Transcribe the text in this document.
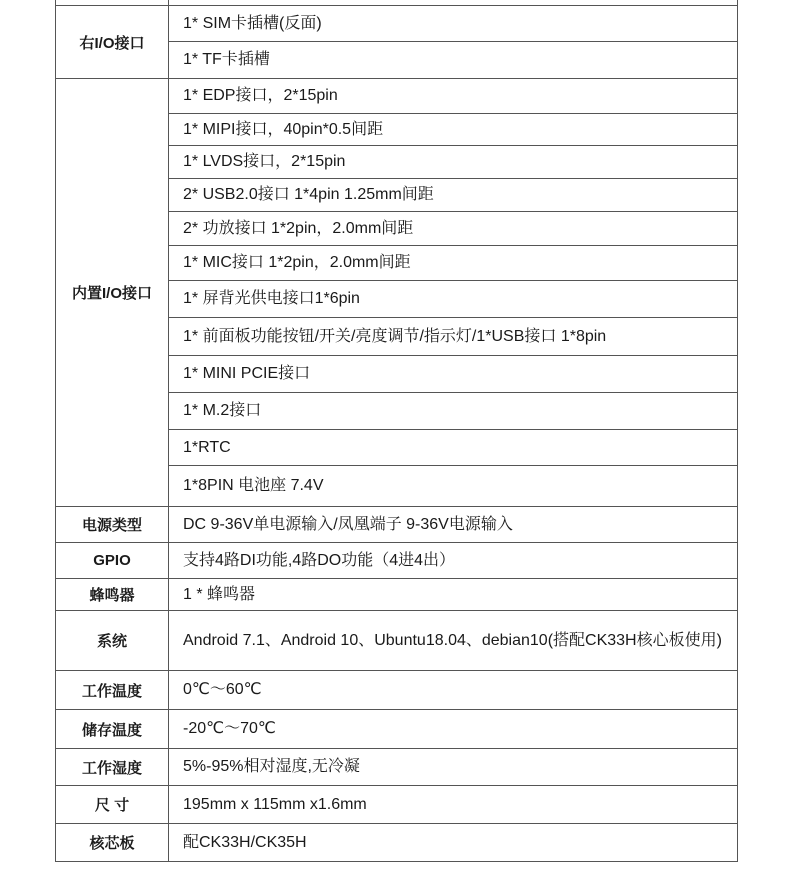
右I/O接口	1* SIM卡插槽(反面)
	1* TF卡插槽
内置I/O接口	1* EDP接口，2*15pin
	1* MIPI接口，40pin*0.5间距
	1* LVDS接口，2*15pin
	2* USB2.0接口 1*4pin 1.25mm间距
	2* 功放接口 1*2pin，2.0mm间距
	1* MIC接口 1*2pin，2.0mm间距
	1* 屏背光供电接口1*6pin
	1* 前面板功能按钮/开关/亮度调节/指示灯/1*USB接口 1*8pin
	1* MINI PCIE接口
	1* M.2接口
	1*RTC
	1*8PIN 电池座 7.4V
电源类型	DC 9-36V单电源输入/凤凰端子 9-36V电源输入
GPIO	支持4路DI功能,4路DO功能（4进4出）
蜂鸣器	1 * 蜂鸣器
系统	Android 7.1、Android 10、Ubuntu18.04、debian10(搭配CK33H核心板使用)
工作温度	0℃～60℃
储存温度	-20℃～70℃
工作湿度	5%-95%相对湿度,无冷凝
尺 寸	195mm x 115mm x1.6mm
核芯板	配CK33H/CK35H
